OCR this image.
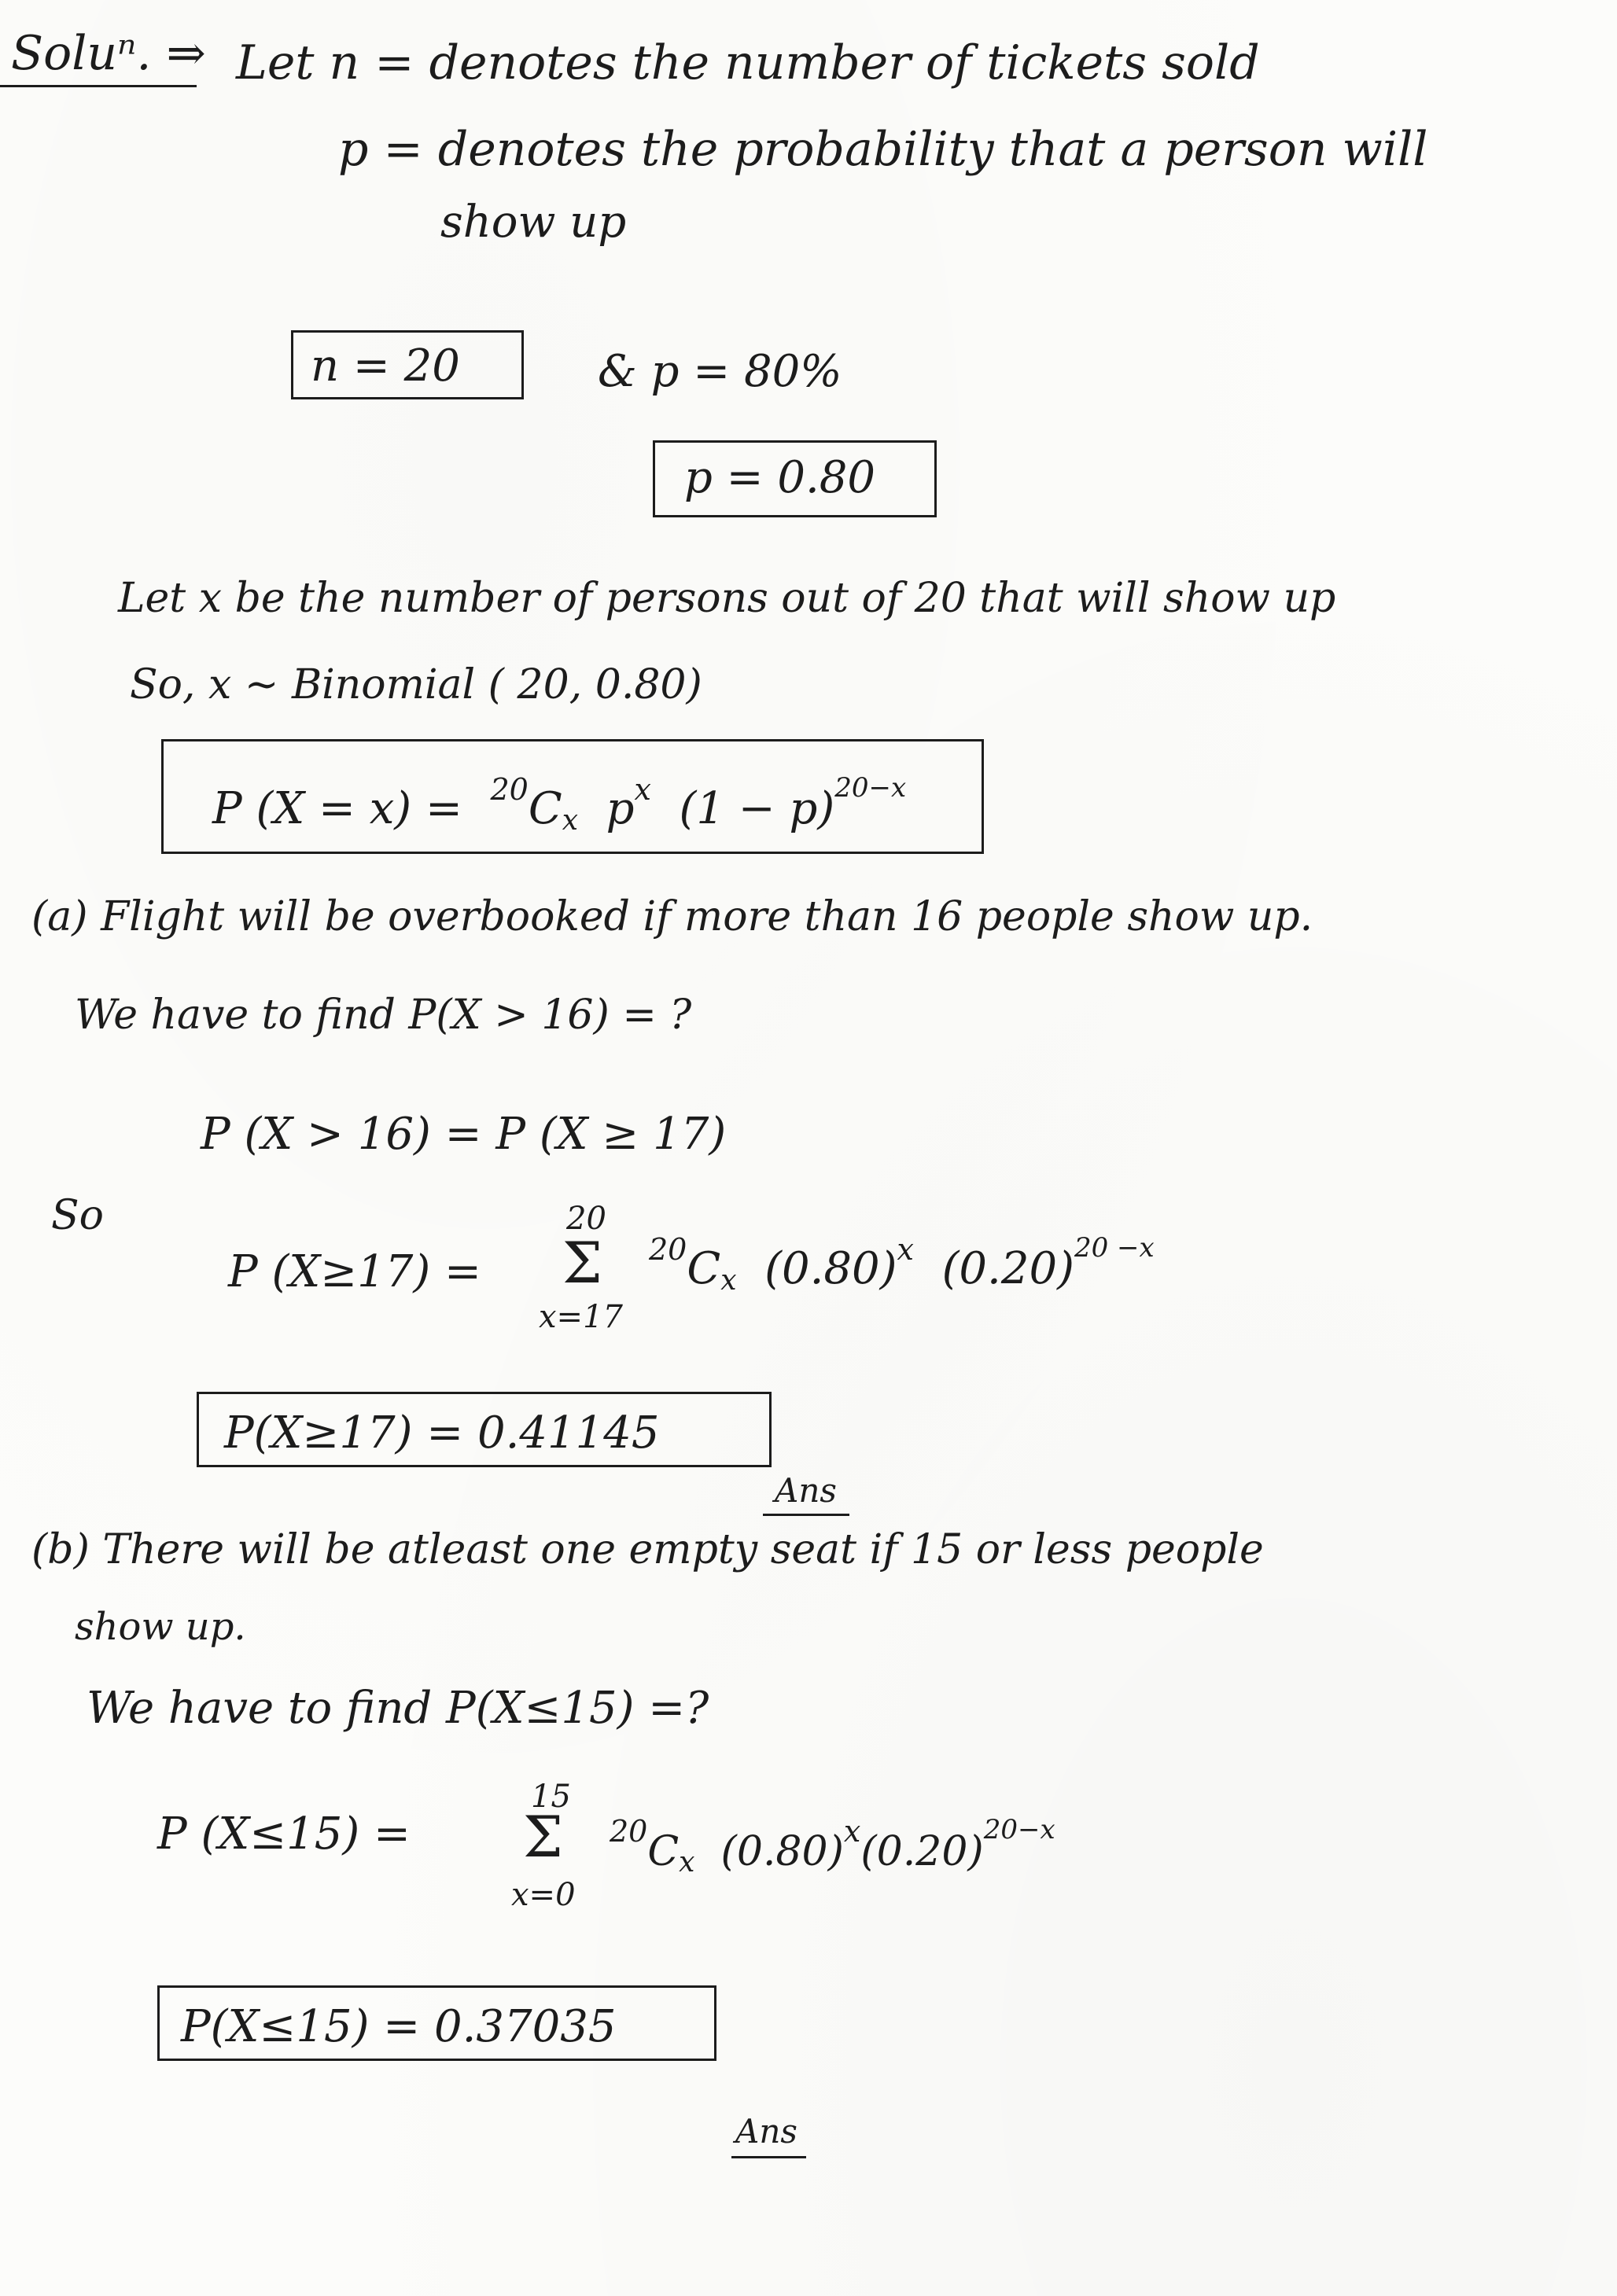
Soluⁿ. ⇒ Let n = denotes the number of tickets sold
p = denotes the probability that a person will
show up
n = 20	& p = 80%
p = 0.80
Let x be the number of persons out of 20 that will show up
So, x ~ Binomial ( 20, 0.80)
P $(X = x) = ^{20}C_x$ $p^x$ $(1 - p)^{20-x}$
(a) Flight will be overbooked if more than 16 people show up.
We have to find P(X > 16) = ?
P (X > 16) = P (X ≥ 17)
So
P (X≥17) =
20
Σ
x=17
$^{20}C_x$ $(0.80)^x$ $(0.20)^{20 -x}$
P(X≥17) = 0.41145
Ans
(b) There will be atleast one empty seat if 15 or less people
show up.
We have to find P(X≤15) =?
P (X≤15) =
15
Σ
x=0
$^{20}C_x$ $(0.80)^x(0.20)^{20-x}$
P(X≤15) = 0.37035
Ans
